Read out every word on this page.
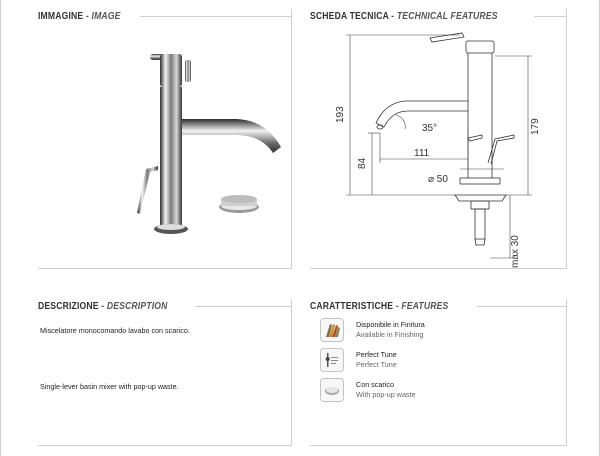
IMMAGINE - IMAGE	SCHEDA TECNICA - TECHNICAL FEATURES
193
84
111
35°	179
⌀ 50
max 30
DESCRIZIONE - DESCRIPTION
Miscelatore monocomando lavabo con scarico.
Single-lever basin mixer with pop-up waste.
CARATTERISTICHE - FEATURES
Disponibile in Finitura
Available in Finishing
Perfect Tune
Perfect Tune
Con scarico
With pop-up waste
